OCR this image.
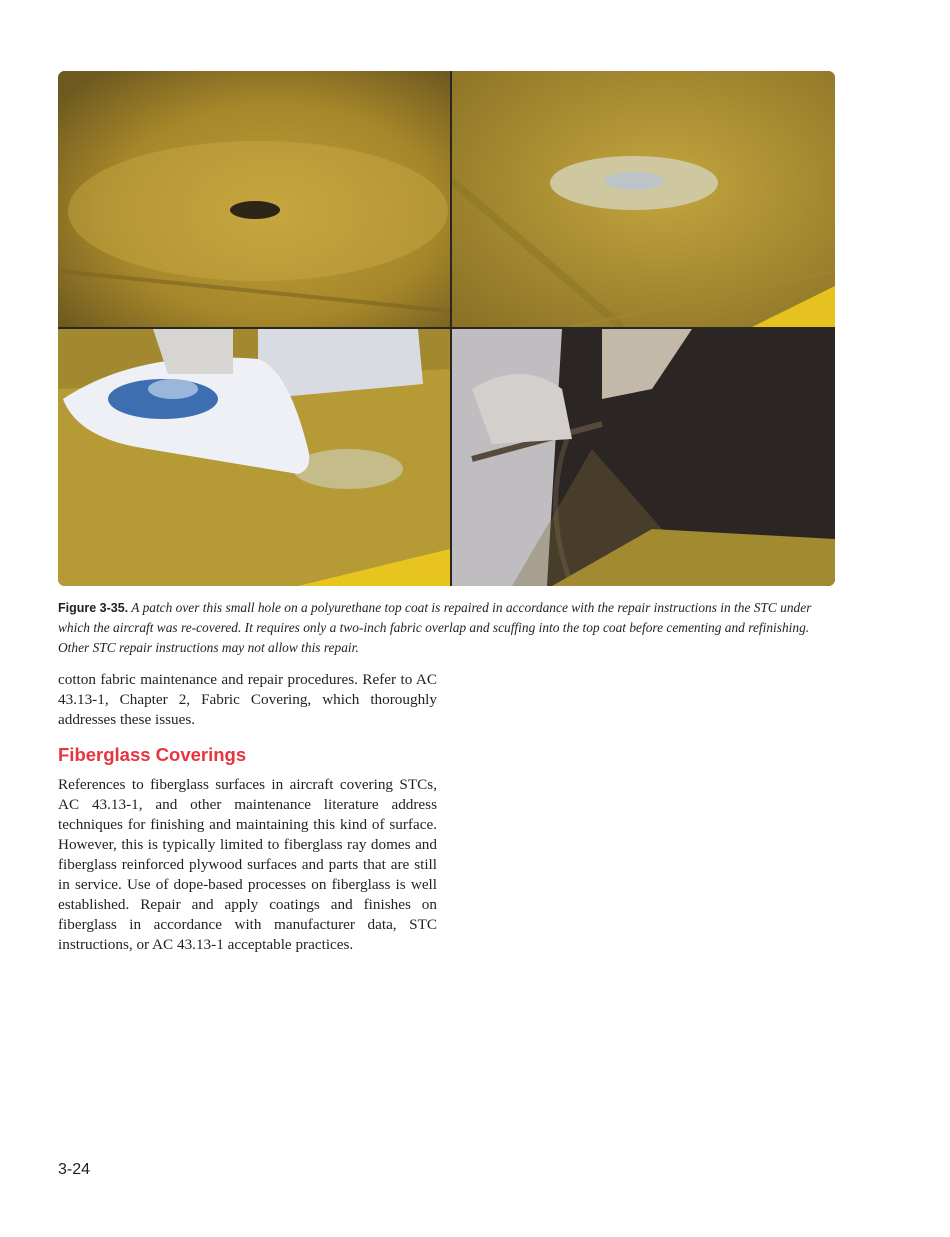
Figure 3-35. A patch over this small hole on a polyurethane top coat is repaired in accordance with the repair instructions in the STC under which the aircraft was re-covered. It requires only a two-inch fabric overlap and scuffing into the top coat before cementing and refinishing. Other STC repair instructions may not allow this repair.
cotton fabric maintenance and repair procedures. Refer to AC 43.13-1, Chapter 2, Fabric Covering, which thoroughly addresses these issues.
Fiberglass Coverings
References to fiberglass surfaces in aircraft covering STCs, AC 43.13-1, and other maintenance literature address techniques for finishing and maintaining this kind of surface. However, this is typically limited to fiberglass ray domes and fiberglass reinforced plywood surfaces and parts that are still in service. Use of dope-based processes on fiberglass is well established. Repair and apply coatings and finishes on fiberglass in accordance with manufacturer data, STC instructions, or AC 43.13-1 acceptable practices.
3-24
